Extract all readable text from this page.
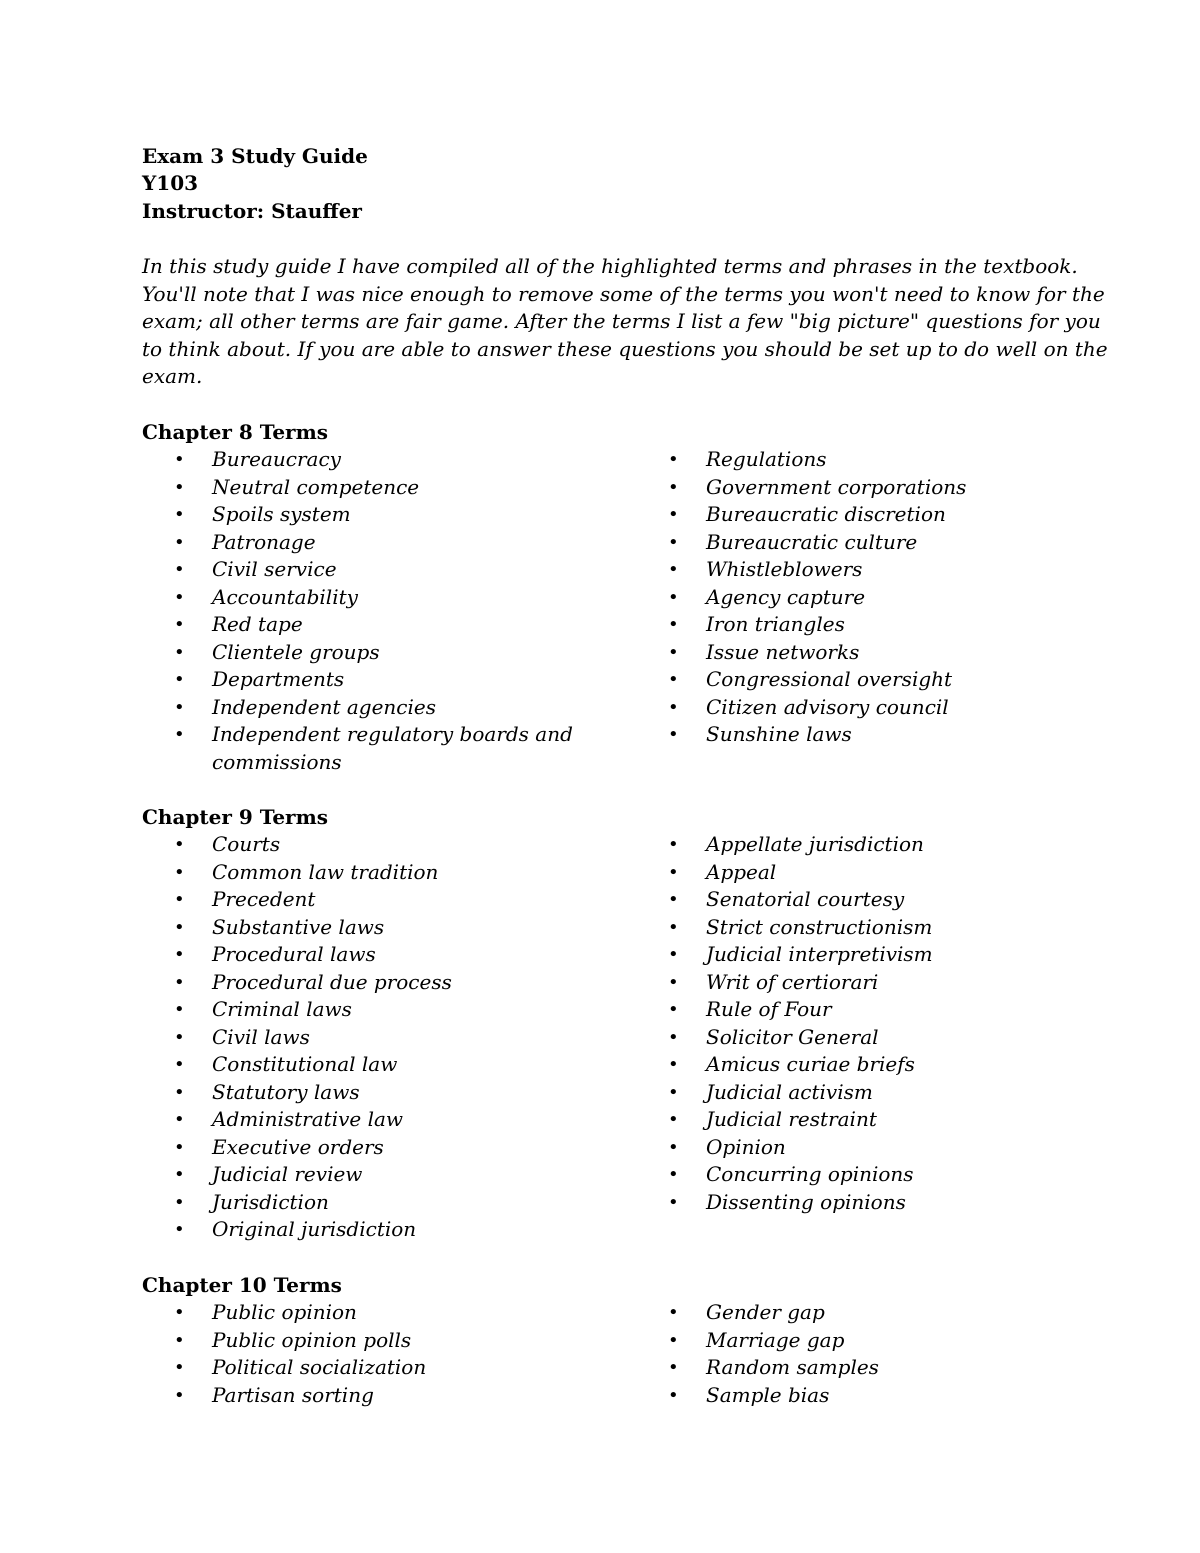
Exam 3 Study Guide
Y103
Instructor: Stauffer

In this study guide I have compiled all of the highlighted terms and phrases in the textbook.
You'll note that I was nice enough to remove some of the terms you won't need to know for the
exam; all other terms are fair game. After the terms I list a few "big picture" questions for you
to think about. If you are able to answer these questions you should be set up to do well on the
exam.

Chapter 8 Terms
• Bureaucracy
• Neutral competence
• Spoils system
• Patronage
• Civil service
• Accountability
• Red tape
• Clientele groups
• Departments
• Independent agencies
• Independent regulatory boards and commissions
• Regulations
• Government corporations
• Bureaucratic discretion
• Bureaucratic culture
• Whistleblowers
• Agency capture
• Iron triangles
• Issue networks
• Congressional oversight
• Citizen advisory council
• Sunshine laws
Chapter 9 Terms
• Courts
• Common law tradition
• Precedent
• Substantive laws
• Procedural laws
• Procedural due process
• Criminal laws
• Civil laws
• Constitutional law
• Statutory laws
• Administrative law
• Executive orders
• Judicial review
• Jurisdiction
• Original jurisdiction
• Appellate jurisdiction
• Appeal
• Senatorial courtesy
• Strict constructionism
• Judicial interpretivism
• Writ of certiorari
• Rule of Four
• Solicitor General
• Amicus curiae briefs
• Judicial activism
• Judicial restraint
• Opinion
• Concurring opinions
• Dissenting opinions
Chapter 10 Terms
• Public opinion
• Public opinion polls
• Political socialization
• Partisan sorting
• Gender gap
• Marriage gap
• Random samples
• Sample bias
